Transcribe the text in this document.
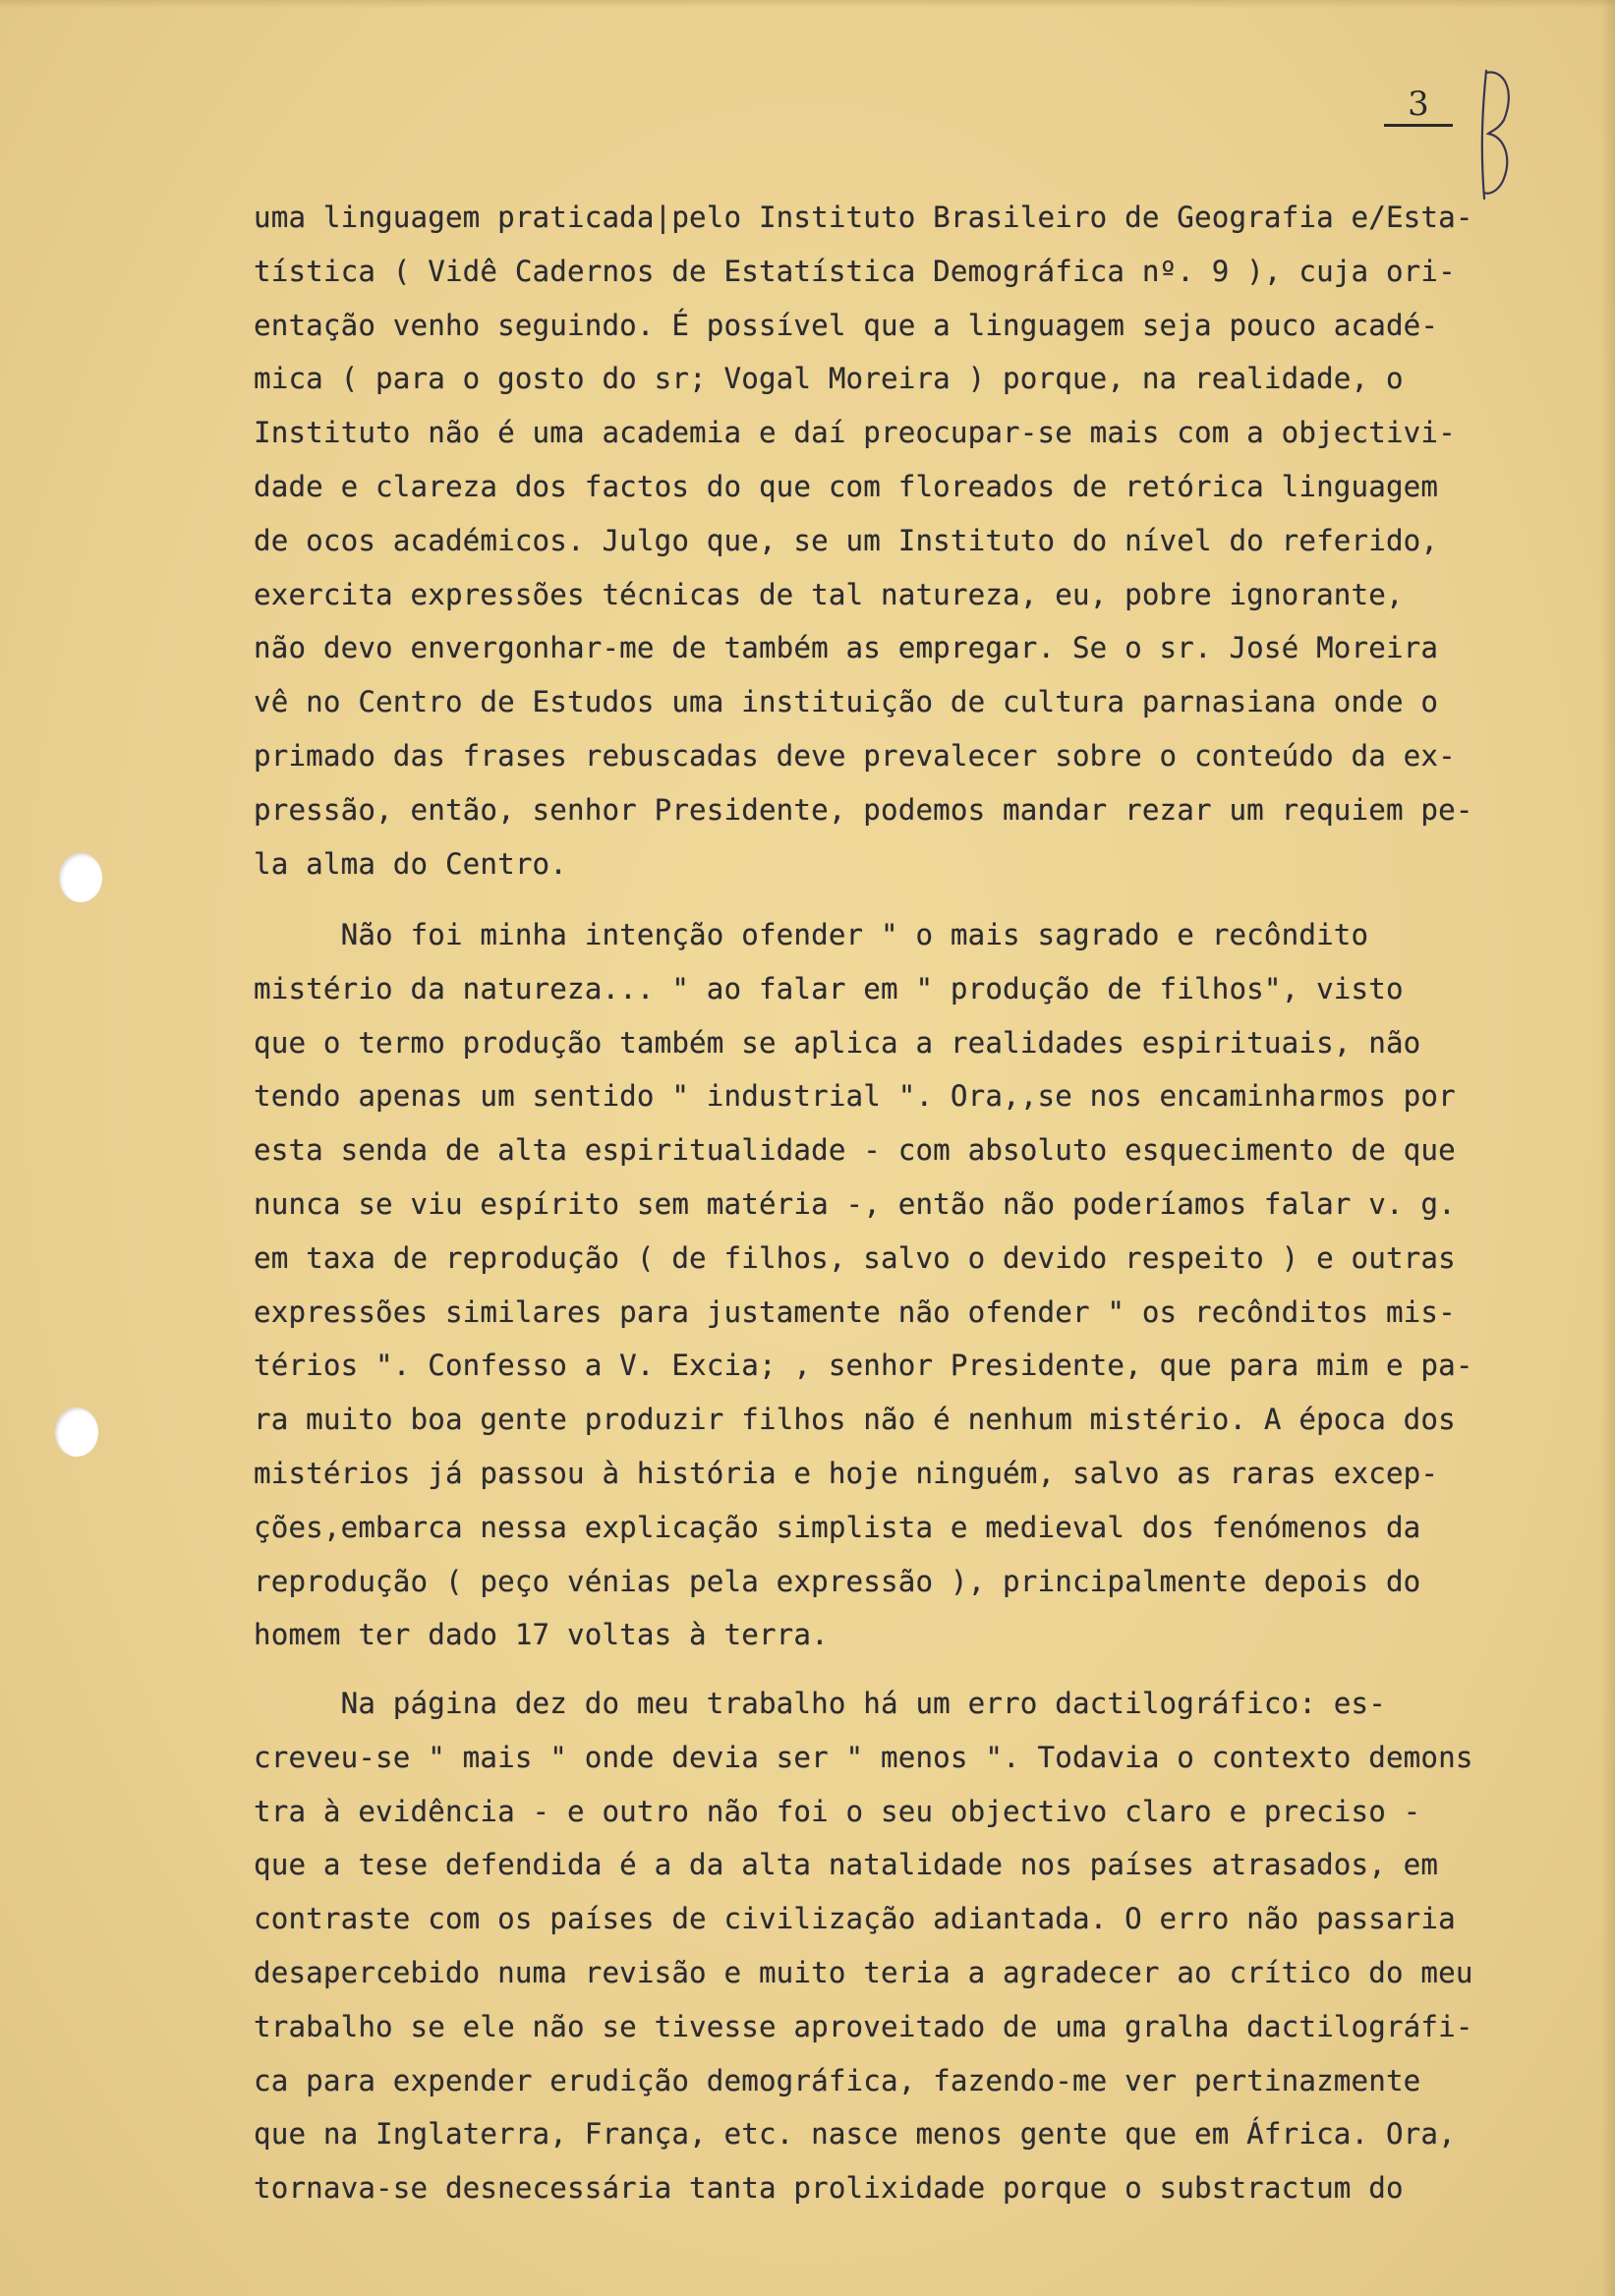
3
uma linguagem praticada|pelo Instituto Brasileiro de Geografia e/Esta-
tística ( Vidê Cadernos de Estatística Demográfica nº. 9 ), cuja ori-
entação venho seguindo. É possível que a linguagem seja pouco acadé-
mica ( para o gosto do sr; Vogal Moreira ) porque, na realidade, o
Instituto não é uma academia e daí preocupar-se mais com a objectivi-
dade e clareza dos factos do que com floreados de retórica linguagem
de ocos académicos. Julgo que, se um Instituto do nível do referido,
exercita expressões técnicas de tal natureza, eu, pobre ignorante,
não devo envergonhar-me de também as empregar. Se o sr. José Moreira
vê no Centro de Estudos uma instituição de cultura parnasiana onde o
primado das frases rebuscadas deve prevalecer sobre o conteúdo da ex-
pressão, então, senhor Presidente, podemos mandar rezar um requiem pe-
la alma do Centro.
Não foi minha intenção ofender " o mais sagrado e recôndito
mistério da natureza... " ao falar em " produção de filhos", visto
que o termo produção também se aplica a realidades espirituais, não
tendo apenas um sentido " industrial ". Ora,,se nos encaminharmos por
esta senda de alta espiritualidade - com absoluto esquecimento de que
nunca se viu espírito sem matéria -, então não poderíamos falar v. g.
em taxa de reprodução ( de filhos, salvo o devido respeito ) e outras
expressões similares para justamente não ofender " os recônditos mis-
térios ". Confesso a V. Excia; , senhor Presidente, que para mim e pa-
ra muito boa gente produzir filhos não é nenhum mistério. A época dos
mistérios já passou à história e hoje ninguém, salvo as raras excep-
ções,embarca nessa explicação simplista e medieval dos fenómenos da
reprodução ( peço vénias pela expressão ), principalmente depois do
homem ter dado 17 voltas à terra.
Na página dez do meu trabalho há um erro dactilográfico: es-
creveu-se " mais " onde devia ser " menos ". Todavia o contexto demons
tra à evidência - e outro não foi o seu objectivo claro e preciso -
que a tese defendida é a da alta natalidade nos países atrasados, em
contraste com os países de civilização adiantada. O erro não passaria
desapercebido numa revisão e muito teria a agradecer ao crítico do meu
trabalho se ele não se tivesse aproveitado de uma gralha dactilográfi-
ca para expender erudição demográfica, fazendo-me ver pertinazmente
que na Inglaterra, França, etc. nasce menos gente que em África. Ora,
tornava-se desnecessária tanta prolixidade porque o substractum do
